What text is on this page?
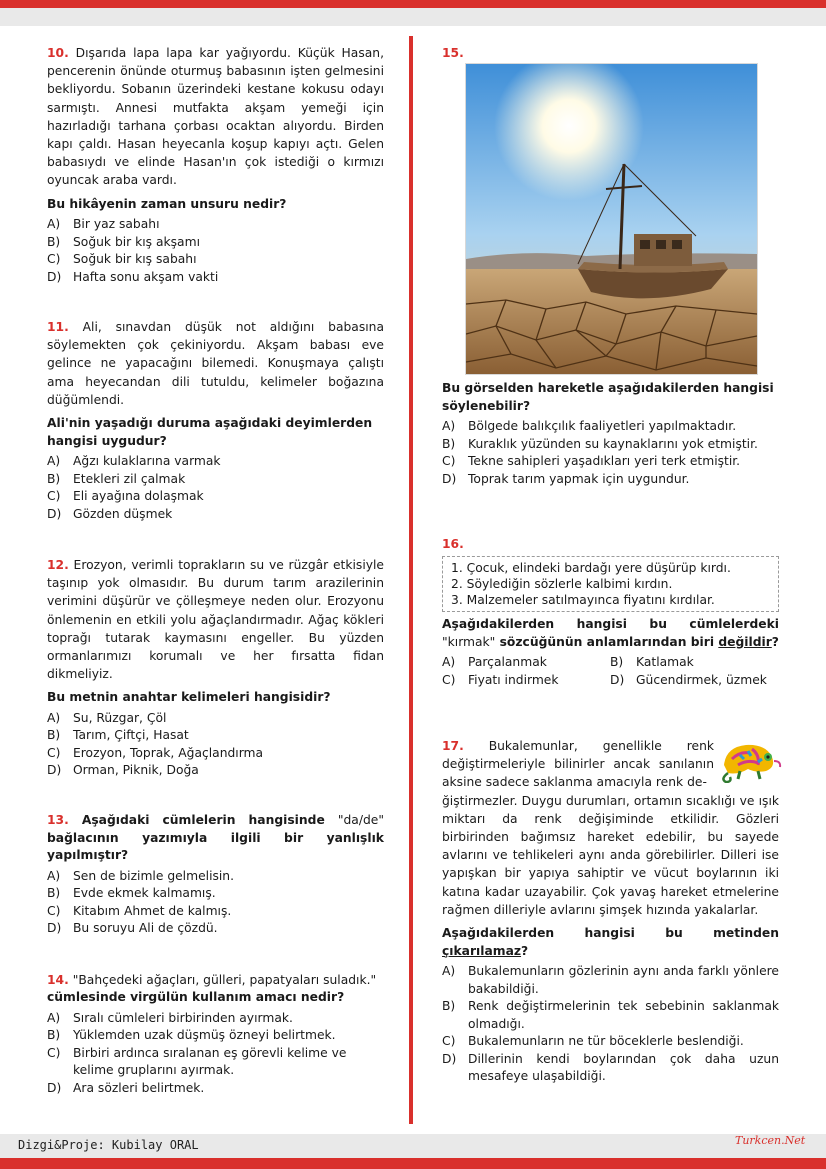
10. Dışarıda lapa lapa kar yağıyordu. Küçük Hasan, pencerenin önünde oturmuş babasının işten gelmesini bekliyordu. Sobanın üzerindeki kestane kokusu odayı sarmıştı. Annesi mutfakta akşam yemeği için hazırladığı tarhana çorbası ocaktan alıyordu. Birden kapı çaldı. Hasan heyecanla koşup kapıyı açtı. Gelen babasıydı ve elinde Hasan'ın çok istediği o kırmızı oyuncak araba vardı.

Bu hikâyenin zaman unsuru nedir?
A)	Bir yaz sabahı
B)	Soğuk bir kış akşamı
C)	Soğuk bir kış sabahı
D) Hafta sonu akşam vakti

11. Ali, sınavdan düşük not aldığını babasına söylemekten çok çekiniyordu. Akşam babası eve gelince ne yapacağını bilemedi. Konuşmaya çalıştı ama heyecandan dili tutuldu, kelimeler boğazına düğümlendi.

Ali'nin yaşadığı duruma aşağıdaki deyimlerden hangisi uygudur?
A)	Ağzı kulaklarına varmak
B)	Etekleri zil çalmak
C)	Eli ayağına dolaşmak
D) Gözden düşmek

12. Erozyon, verimli toprakların su ve rüzgâr etkisiyle taşınıp yok olmasıdır. Bu durum tarım arazilerinin verimini düşürür ve çölleşmeye neden olur. Erozyonu önlemenin en etkili yolu ağaçlandırmadır. Ağaç kökleri toprağı tutarak kaymasını engeller. Bu yüzden ormanlarımızı korumalı ve her fırsatta fidan dikmeliyiz.

Bu metnin anahtar kelimeleri hangisidir?
A)	Su, Rüzgar, Çöl
B)	Tarım, Çiftçi, Hasat
C)	Erozyon, Toprak, Ağaçlandırma
D) Orman, Piknik, Doğa
13. Aşağıdaki cümlelerin hangisinde "da/de" bağlacının yazımıyla ilgili bir yanlışlık yapılmıştır?
A)	Sen de bizimle gelmelisin.
B)	Evde ekmek kalmamış.
C)	Kitabım Ahmet de kalmış.
D) Bu soruyu Ali de çözdü.
14. "Bahçedeki ağaçları, gülleri, papatyaları suladık."
cümlesinde virgülün kullanım amacı nedir?
A)	Sıralı cümleleri birbirinden ayırmak.
B)	Yüklemden uzak düşmüş özneyi belirtmek.
C)	Birbiri ardınca sıralanan eş görevli kelime ve kelime gruplarını ayırmak.
D) Ara sözleri belirtmek.
15.
Bu görselden hareketle aşağıdakilerden hangisi söylenebilir?
A)	Bölgede balıkçılık faaliyetleri yapılmaktadır.
B)	Kuraklık yüzünden su kaynaklarını yok etmiştir.
C)	Tekne sahipleri yaşadıkları yeri terk etmiştir.
D) Toprak tarım yapmak için uygundur.
16.
1. Çocuk, elindeki bardağı yere düşürüp kırdı.
2. Söylediğin sözlerle kalbimi kırdın.
3. Malzemeler satılmayınca fiyatını kırdılar.
Aşağıdakilerden hangisi bu cümlelerdeki "kırmak" sözcüğünün anlamlarından biri değildir?
A)	Parçalanmak	B)	Katlamak
C)	Fiyatı indirmek	D) Gücendirmek, üzmek

17. Bukalemunlar, genellikle renk değiştirmeleriyle bilinirler ancak sanılanın aksine sadece saklanma amacıyla renk de-

ğiştirmezler. Duygu durumları, ortamın sıcaklığı ve ışık miktarı da renk değişiminde etkilidir. Gözleri birbirinden bağımsız hareket edebilir, bu sayede avlarını ve tehlikeleri aynı anda görebilirler. Dilleri ise yapışkan bir yapıya sahiptir ve vücut boylarının iki katına kadar uzayabilir. Çok yavaş hareket etmelerine rağmen dilleriyle avlarını şimşek hızında yakalarlar.

Aşağıdakilerden hangisi bu metinden çıkarılamaz?
A)	Bukalemunların gözlerinin aynı anda farklı yönlere bakabildiği.
B)	Renk değiştirmelerinin tek sebebinin saklanmak olmadığı.
C)	Bukalemunların ne tür böceklerle beslendiği.
D) Dillerinin kendi boylarından çok daha uzun mesafeye ulaşabildiği.
Dizgi&Proje: Kubilay ORAL	Turkcen.Net
